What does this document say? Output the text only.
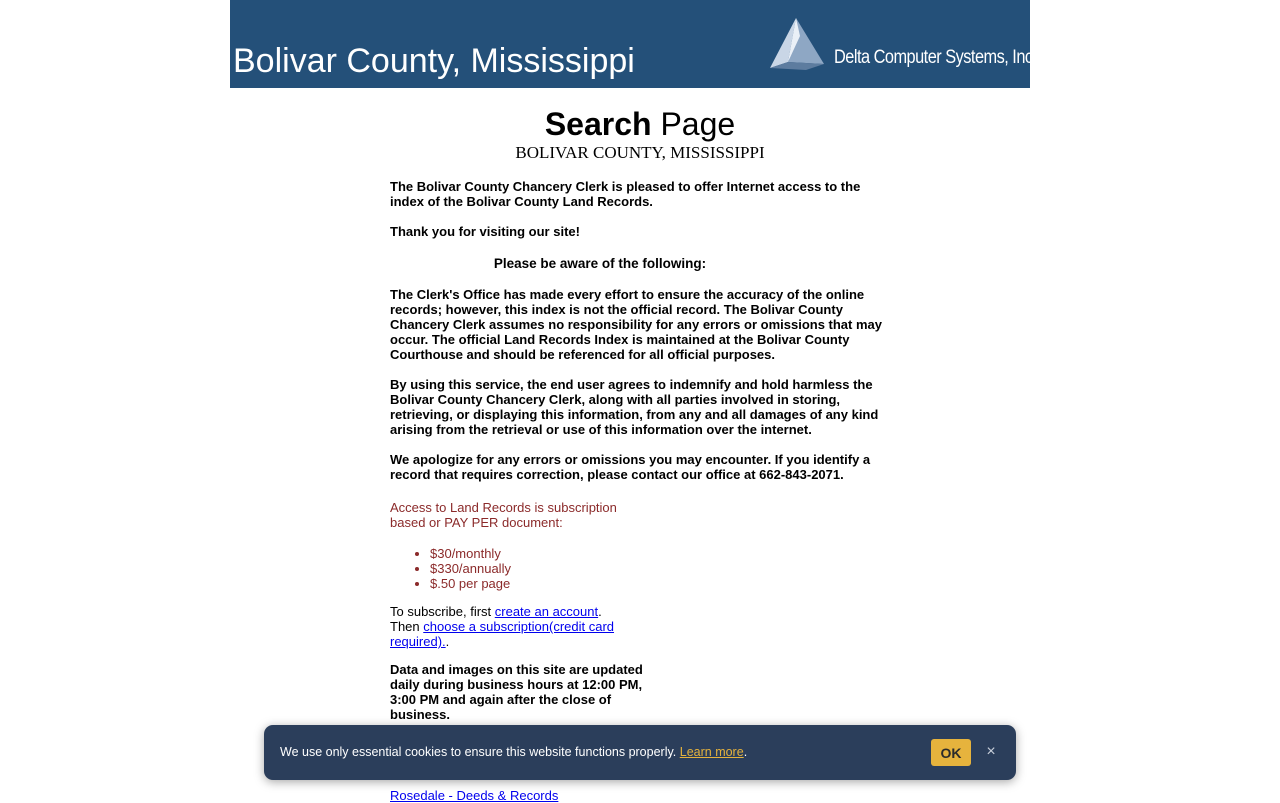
Bolivar County, Mississippi	Delta Computer Systems, Inc.
Search Page
BOLIVAR COUNTY, MISSISSIPPI
The Bolivar County Chancery Clerk is pleased to offer Internet access to the index of the Bolivar County Land Records.
Thank you for visiting our site!
Please be aware of the following:
The Clerk's Office has made every effort to ensure the accuracy of the online records; however, this index is not the official record. The Bolivar County Chancery Clerk assumes no responsibility for any errors or omissions that may occur. The official Land Records Index is maintained at the Bolivar County Courthouse and should be referenced for all official purposes.
By using this service, the end user agrees to indemnify and hold harmless the Bolivar County Chancery Clerk, along with all parties involved in storing, retrieving, or displaying this information, from any and all damages of any kind arising from the retrieval or use of this information over the internet.
We apologize for any errors or omissions you may encounter. If you identify a record that requires correction, please contact our office at 662-843-2071.
Access to Land Records is subscription based or PAY PER document:
• $30/monthly
• $330/annually
• $.50 per page
To subscribe, first create an account.
Then choose a subscription(credit card required)..
Data and images on this site are updated daily during business hours at 12:00 PM, 3:00 PM and again after the close of business.
Rosedale - Deeds & Records
We use only essential cookies to ensure this website functions properly. Learn more.	OK	×
